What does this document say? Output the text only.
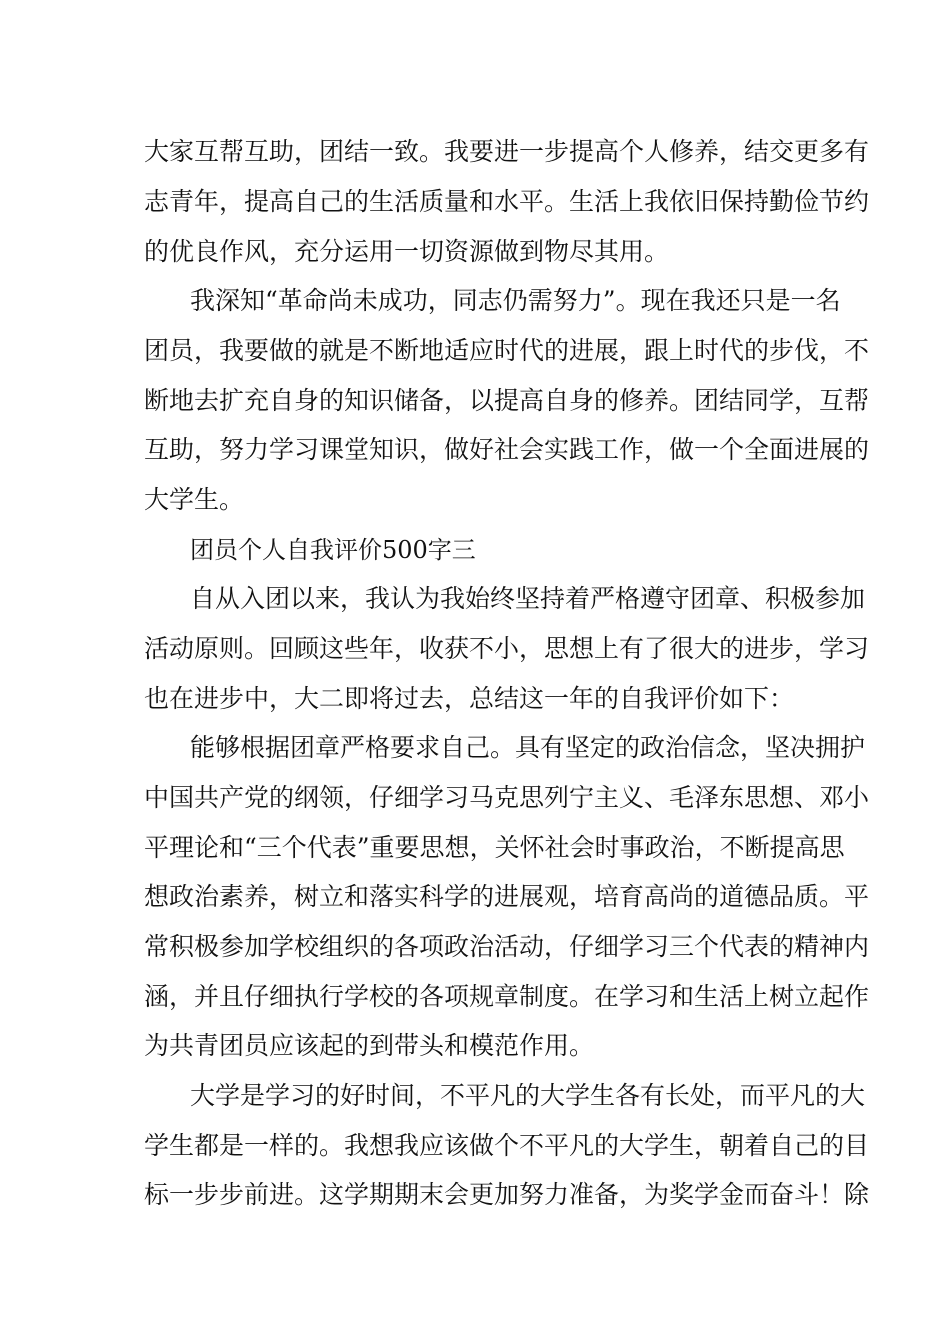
大家互帮互助，团结一致。我要进一步提高个人修养，结交更多有
志青年，提高自己的生活质量和水平。生活上我依旧保持勤俭节约
的优良作风，充分运用一切资源做到物尽其用。
我深知“革命尚未成功，同志仍需努力”。现在我还只是一名
团员，我要做的就是不断地适应时代的进展，跟上时代的步伐，不
断地去扩充自身的知识储备，以提高自身的修养。团结同学，互帮
互助，努力学习课堂知识，做好社会实践工作，做一个全面进展的
大学生。
团员个人自我评价500字三
自从入团以来，我认为我始终坚持着严格遵守团章、积极参加
活动原则。回顾这些年，收获不小，思想上有了很大的进步，学习
也在进步中，大二即将过去，总结这一年的自我评价如下：
能够根据团章严格要求自己。具有坚定的政治信念，坚决拥护
中国共产党的纲领，仔细学习马克思列宁主义、毛泽东思想、邓小
平理论和“三个代表”重要思想，关怀社会时事政治，不断提高思
想政治素养，树立和落实科学的进展观，培育高尚的道德品质。平
常积极参加学校组织的各项政治活动，仔细学习三个代表的精神内
涵，并且仔细执行学校的各项规章制度。在学习和生活上树立起作
为共青团员应该起的到带头和模范作用。
大学是学习的好时间，不平凡的大学生各有长处，而平凡的大
学生都是一样的。我想我应该做个不平凡的大学生，朝着自己的目
标一步步前进。这学期期末会更加努力准备，为奖学金而奋斗！除
